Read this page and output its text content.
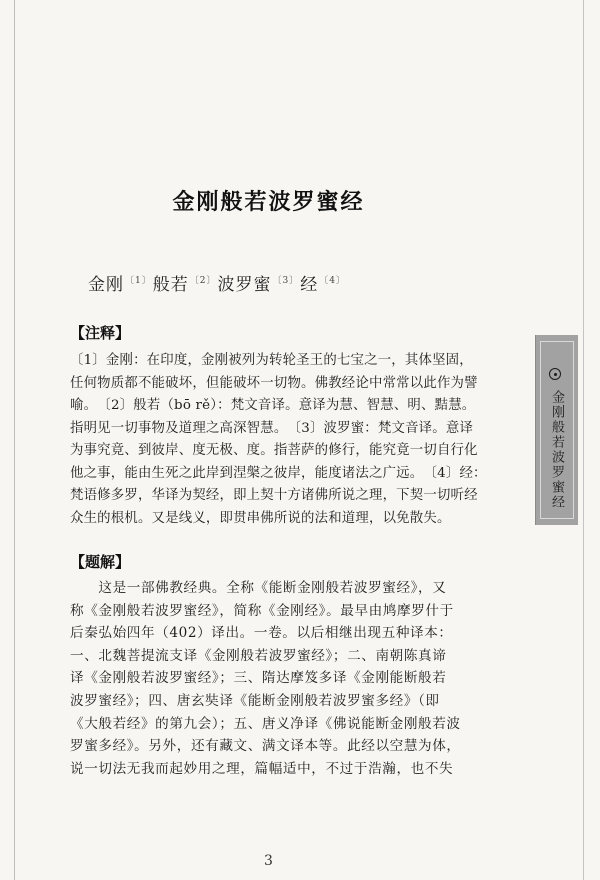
金刚般若波罗蜜经
金刚般若波罗蜜经
金刚$^{〔1〕}$般若$^{〔2〕}$波罗蜜$^{〔3〕}$经$^{〔4〕}$
【注释】
〔1〕金刚：在印度，金刚被列为转轮圣王的七宝之一，其体坚固，
任何物质都不能破坏，但能破坏一切物。佛教经论中常常以此作为譬
喻。　〔2〕般若（bō rě）：梵文音译。意译为慧、智慧、明、黠慧。
指明见一切事物及道理之高深智慧。　〔3〕波罗蜜：梵文音译。意译
为事究竟、到彼岸、度无极、度。指菩萨的修行，能究竟一切自行化
他之事，能由生死之此岸到涅槃之彼岸，能度诸法之广远。　〔4〕经：
梵语修多罗，华译为契经，即上契十方诸佛所说之理，下契一切听经
众生的根机。又是线义，即贯串佛所说的法和道理，以免散失。
【题解】
　　这是一部佛教经典。全称《能断金刚般若波罗蜜经》，又
称《金刚般若波罗蜜经》，简称《金刚经》。最早由鸠摩罗什于
后秦弘始四年（402）译出。一卷。以后相继出现五种译本：
一、北魏菩提流支译《金刚般若波罗蜜经》；二、南朝陈真谛
译《金刚般若波罗蜜经》；三、隋达摩笈多译《金刚能断般若
波罗蜜经》；四、唐玄奘译《能断金刚般若波罗蜜多经》（即
《大般若经》的第九会）；五、唐义净译《佛说能断金刚般若波
罗蜜多经》。另外，还有藏文、满文译本等。此经以空慧为体，
说一切法无我而起妙用之理，篇幅适中，不过于浩瀚，也不失
3
